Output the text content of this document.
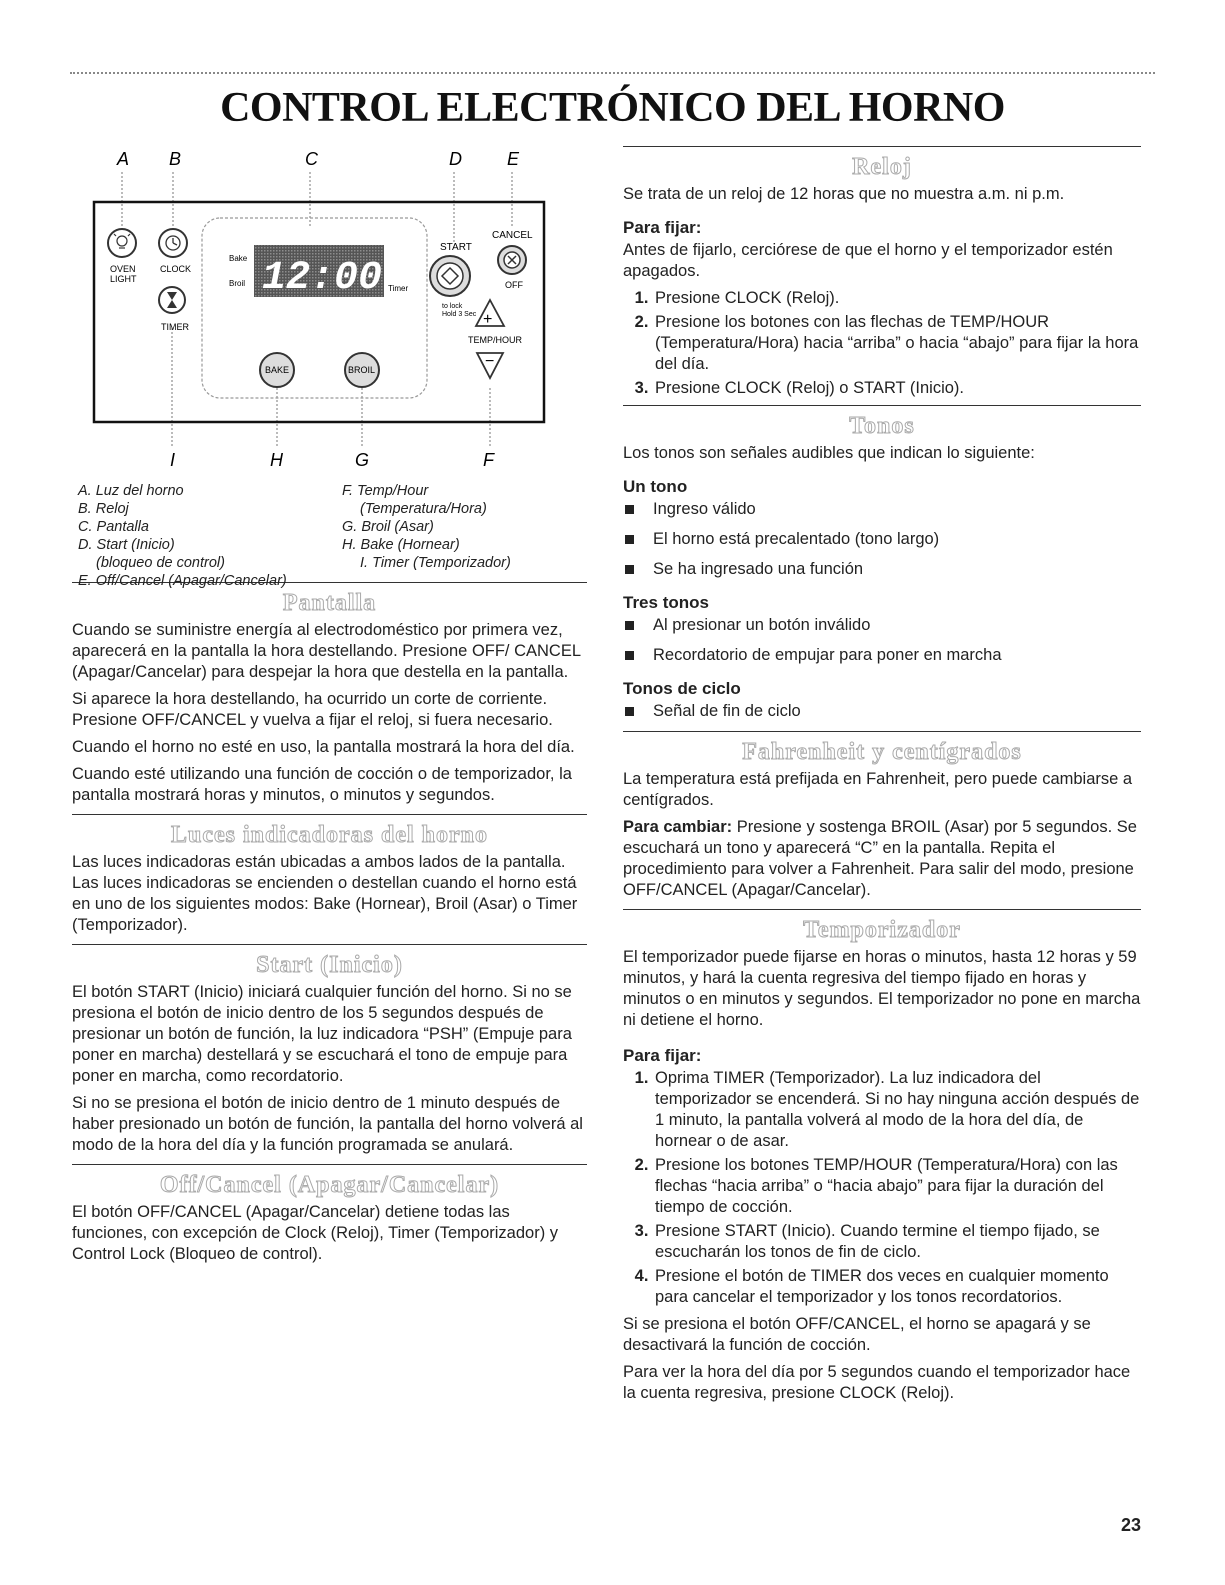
CONTROL ELECTRÓNICO DEL HORNO
A B	C	D	E
OVEN
LIGHT
CLOCK
TIMER
Bake
Broil 12:00 Timer
START
CANCEL
OFF
to lock
Hold 3 Sec +
TEMP/HOUR
−
BAKE	BROIL
I	H	G	F
A. Luz del horno
B. Reloj
C. Pantalla
D. Start (Inicio)
(bloqueo de control)
E. Off/Cancel (Apagar/Cancelar)
F. Temp/Hour
(Temperatura/Hora)
G. Broil (Asar)
H. Bake (Hornear)
I. Timer (Temporizador)
Pantalla

Cuando se suministre energía al electrodoméstico por primera vez, aparecerá en la pantalla la hora destellando. Presione OFF/ CANCEL (Apagar/Cancelar) para despejar la hora que destella en la pantalla.

Si aparece la hora destellando, ha ocurrido un corte de corriente. Presione OFF/CANCEL y vuelva a fijar el reloj, si fuera necesario.

Cuando el horno no esté en uso, la pantalla mostrará la hora del día.

Cuando esté utilizando una función de cocción o de temporizador, la pantalla mostrará horas y minutos, o minutos y segundos.

Luces indicadoras del horno

Las luces indicadoras están ubicadas a ambos lados de la pantalla. Las luces indicadoras se encienden o destellan cuando el horno está en uno de los siguientes modos: Bake (Hornear), Broil (Asar) o Timer (Temporizador).

Start (Inicio)

El botón START (Inicio) iniciará cualquier función del horno. Si no se presiona el botón de inicio dentro de los 5 segundos después de presionar un botón de función, la luz indicadora “PSH” (Empuje para poner en marcha) destellará y se escuchará el tono de empuje para poner en marcha, como recordatorio.

Si no se presiona el botón de inicio dentro de 1 minuto después de haber presionado un botón de función, la pantalla del horno volverá al modo de la hora del día y la función programada se anulará.

Off/Cancel (Apagar/Cancelar)

El botón OFF/CANCEL (Apagar/Cancelar) detiene todas las funciones, con excepción de Clock (Reloj), Timer (Temporizador) y Control Lock (Bloqueo de control).

Reloj

Se trata de un reloj de 12 horas que no muestra a.m. ni p.m.

Para fijar:

Antes de fijarlo, cerciórese de que el horno y el temporizador estén apagados.

1. Presione CLOCK (Reloj).
2. Presione los botones con las flechas de TEMP/HOUR (Temperatura/Hora) hacia “arriba” o hacia “abajo” para fijar la hora del día.
3. Presione CLOCK (Reloj) o START (Inicio).
Tonos

Los tonos son señales audibles que indican lo siguiente:

Un tono
Ingreso válido
El horno está precalentado (tono largo)
Se ha ingresado una función
Tres tonos
Al presionar un botón inválido
Recordatorio de empujar para poner en marcha
Tonos de ciclo
Señal de fin de ciclo
Fahrenheit y centígrados

La temperatura está prefijada en Fahrenheit, pero puede cambiarse a centígrados.

Para cambiar: Presione y sostenga BROIL (Asar) por 5 segundos. Se escuchará un tono y aparecerá “C” en la pantalla. Repita el procedimiento para volver a Fahrenheit. Para salir del modo, presione OFF/CANCEL (Apagar/Cancelar).

Temporizador

El temporizador puede fijarse en horas o minutos, hasta 12 horas y 59 minutos, y hará la cuenta regresiva del tiempo fijado en horas y minutos o en minutos y segundos. El temporizador no pone en marcha ni detiene el horno.

Para fijar:
1. Oprima TIMER (Temporizador). La luz indicadora del temporizador se encenderá. Si no hay ninguna acción después de 1 minuto, la pantalla volverá al modo de la hora del día, de hornear o de asar.
2. Presione los botones TEMP/HOUR (Temperatura/Hora) con las flechas “hacia arriba” o “hacia abajo” para fijar la duración del tiempo de cocción.
3. Presione START (Inicio). Cuando termine el tiempo fijado, se escucharán los tonos de fin de ciclo.
4. Presione el botón de TIMER dos veces en cualquier momento para cancelar el temporizador y los tonos recordatorios.

Si se presiona el botón OFF/CANCEL, el horno se apagará y se desactivará la función de cocción.

Para ver la hora del día por 5 segundos cuando el temporizador hace la cuenta regresiva, presione CLOCK (Reloj).

23
